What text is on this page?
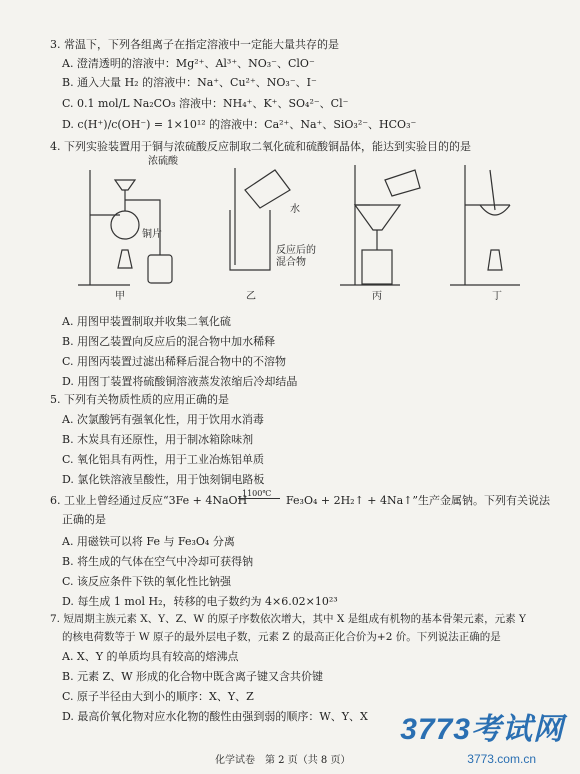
3. 常温下，下列各组离子在指定溶液中一定能大量共存的是
A. 澄清透明的溶液中：Mg²⁺、Al³⁺、NO₃⁻、ClO⁻
B. 通入大量 H₂ 的溶液中：Na⁺、Cu²⁺、NO₃⁻、I⁻
C. 0.1 mol/L Na₂CO₃ 溶液中：NH₄⁺、K⁺、SO₄²⁻、Cl⁻
D. c(H⁺)/c(OH⁻) = 1×10¹² 的溶液中：Ca²⁺、Na⁺、SiO₃²⁻、HCO₃⁻
4. 下列实验装置用于铜与浓硫酸反应制取二氧化硫和硫酸铜晶体，能达到实验目的的是
浓硫酸
铜片
水
反应后的
混合物
甲	乙	丙	丁
A. 用图甲装置制取并收集二氧化硫
B. 用图乙装置向反应后的混合物中加水稀释
C. 用图丙装置过滤出稀释后混合物中的不溶物
D. 用图丁装置将硫酸铜溶液蒸发浓缩后冷却结晶
5. 下列有关物质性质的应用正确的是
A. 次氯酸钙有强氧化性，用于饮用水消毒
B. 木炭具有还原性，用于制冰箱除味剂
C. 氧化铝具有两性，用于工业冶炼铝单质
D. 氯化铁溶液呈酸性，用于蚀刻铜电路板
6. 工业上曾经通过反应“3Fe + 4NaOH
1100℃
Fe₃O₄ + 2H₂↑ + 4Na↑”生产金属钠。下列有关说法
正确的是
A. 用磁铁可以将 Fe 与 Fe₃O₄ 分离
B. 将生成的气体在空气中冷却可获得钠
C. 该反应条件下铁的氧化性比钠强
D. 每生成 1 mol H₂，转移的电子数约为 4×6.02×10²³
7. 短周期主族元素 X、Y、Z、W 的原子序数依次增大，其中 X 是组成有机物的基本骨架元素，元素 Y
的核电荷数等于 W 原子的最外层电子数，元素 Z 的最高正化合价为+2 价。下列说法正确的是
A. X、Y 的单质均具有较高的熔沸点
B. 元素 Z、W 形成的化合物中既含离子键又含共价键
C. 原子半径由大到小的顺序：X、Y、Z
D. 最高价氧化物对应水化物的酸性由强到弱的顺序：W、Y、X
化学试卷　第 2 页（共 8 页）
3773考试网
3773.com.cn
